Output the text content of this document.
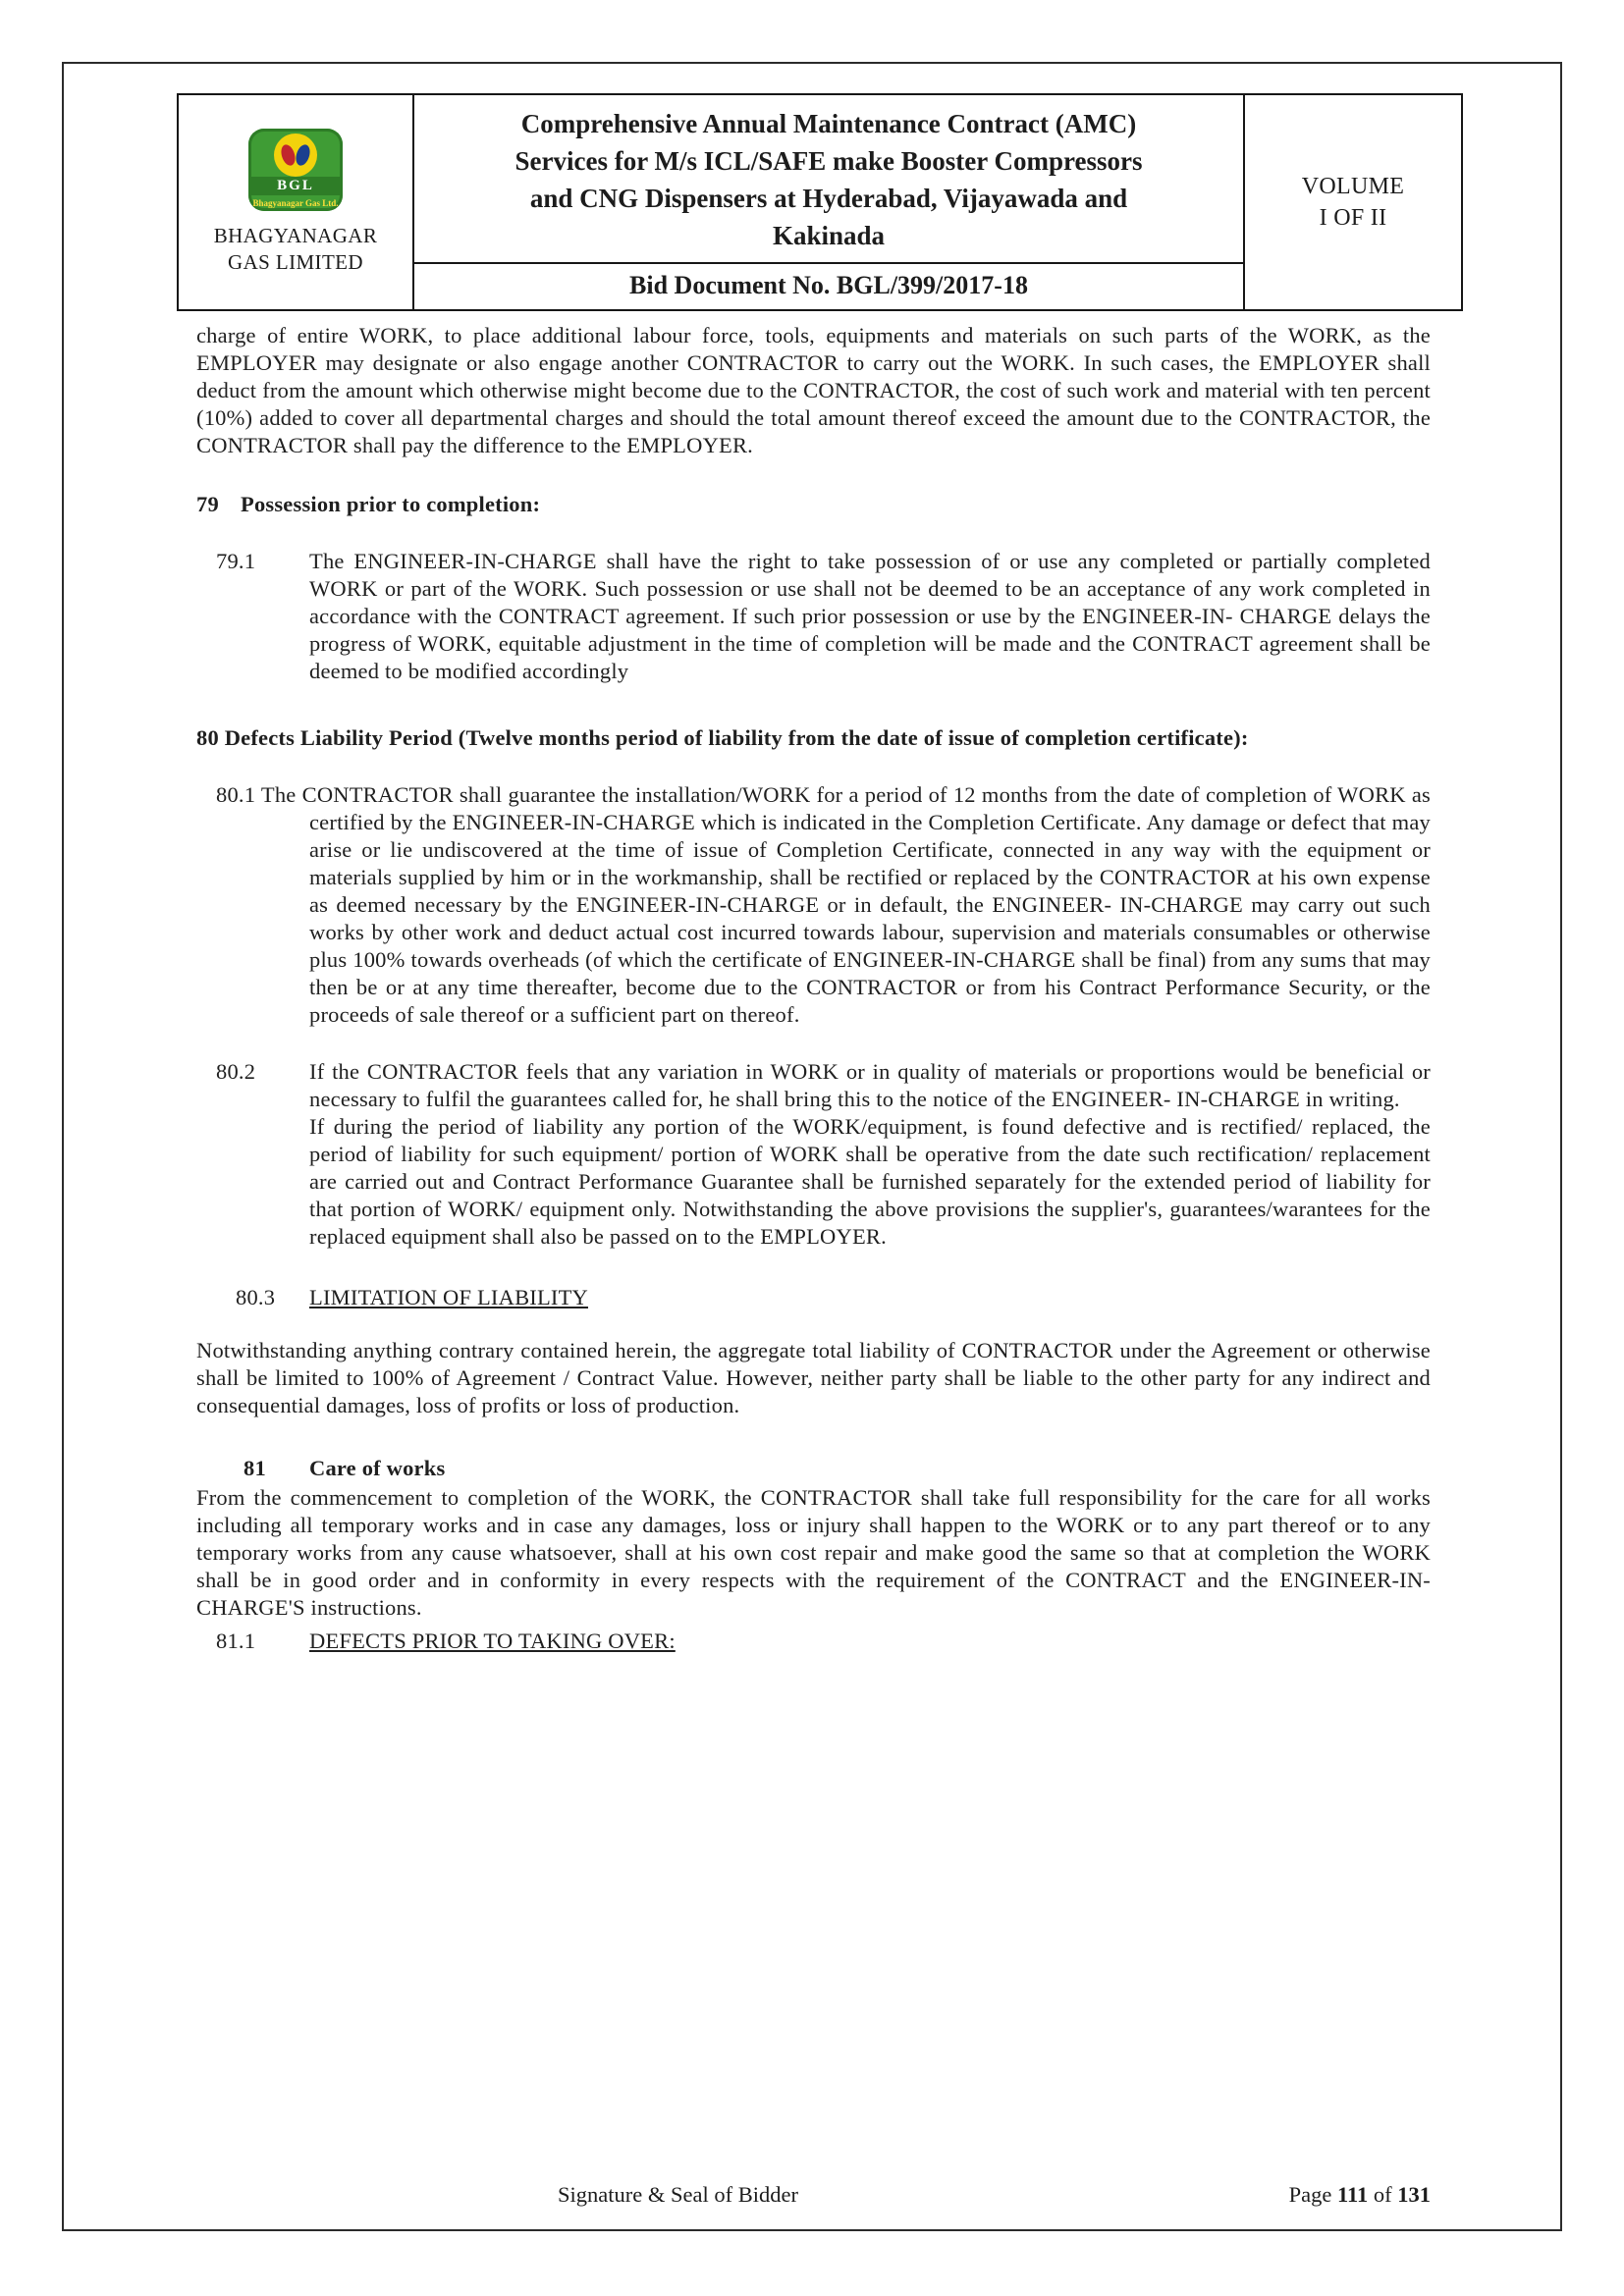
BGL
Bhagyanagar Gas Ltd.
BHAGYANAGAR
GAS LIMITED
Comprehensive Annual Maintenance Contract (AMC)
Services for M/s ICL/SAFE make Booster Compressors
and CNG Dispensers at Hyderabad, Vijayawada and
Kakinada
Bid Document No. BGL/399/2017-18
VOLUME
I OF II

charge of entire WORK, to place additional labour force, tools, equipments and materials on such parts of the WORK, as the EMPLOYER may designate or also engage another CONTRACTOR to carry out the WORK. In such cases, the EMPLOYER shall deduct from the amount which otherwise might become due to the CONTRACTOR, the cost of such work and material with ten percent (10%) added to cover all departmental charges and should the total amount thereof exceed the amount due to the CONTRACTOR, the CONTRACTOR shall pay the difference to the EMPLOYER.

79 Possession prior to completion:
79.1	The ENGINEER-IN-CHARGE shall have the right to take possession of or use any completed or partially completed WORK or part of the WORK. Such possession or use shall not be deemed to be an acceptance of any work completed in accordance with the CONTRACT agreement. If such prior possession or use by the ENGINEER-IN- CHARGE delays the progress of WORK, equitable adjustment in the time of completion will be made and the CONTRACT agreement shall be deemed to be modified accordingly

80 Defects Liability Period (Twelve months period of liability from the date of issue of completion certificate):

80.1 The CONTRACTOR shall guarantee the installation/WORK for a period of 12 months from the date of completion of WORK as certified by the ENGINEER-IN-CHARGE which is indicated in the Completion Certificate. Any damage or defect that may arise or lie undiscovered at the time of issue of Completion Certificate, connected in any way with the equipment or materials supplied by him or in the workmanship, shall be rectified or replaced by the CONTRACTOR at his own expense as deemed necessary by the ENGINEER-IN-CHARGE or in default, the ENGINEER- IN-CHARGE may carry out such works by other work and deduct actual cost incurred towards labour, supervision and materials consumables or otherwise plus 100% towards overheads (of which the certificate of ENGINEER-IN-CHARGE shall be final) from any sums that may then be or at any time thereafter, become due to the CONTRACTOR or from his Contract Performance Security, or the proceeds of sale thereof or a sufficient part on thereof.

80.2	If the CONTRACTOR feels that any variation in WORK or in quality of materials or proportions would be beneficial or necessary to fulfil the guarantees called for, he shall bring this to the notice of the ENGINEER- IN-CHARGE in writing.

If during the period of liability any portion of the WORK/equipment, is found defective and is rectified/ replaced, the period of liability for such equipment/ portion of WORK shall be operative from the date such rectification/ replacement are carried out and Contract Performance Guarantee shall be furnished separately for the extended period of liability for that portion of WORK/ equipment only. Notwithstanding the above provisions the supplier's, guarantees/warantees for the replaced equipment shall also be passed on to the EMPLOYER.

80.3	LIMITATION OF LIABILITY

Notwithstanding anything contrary contained herein, the aggregate total liability of CONTRACTOR under the Agreement or otherwise shall be limited to 100% of Agreement / Contract Value. However, neither party shall be liable to the other party for any indirect and consequential damages, loss of profits or loss of production.

81	Care of works

From the commencement to completion of the WORK, the CONTRACTOR shall take full responsibility for the care for all works including all temporary works and in case any damages, loss or injury shall happen to the WORK or to any part thereof or to any temporary works from any cause whatsoever, shall at his own cost repair and make good the same so that at completion the WORK shall be in good order and in conformity in every respects with the requirement of the CONTRACT and the ENGINEER-IN- CHARGE'S instructions.

81.1	DEFECTS PRIOR TO TAKING OVER:

Signature & Seal of Bidder	Page 111 of 131
